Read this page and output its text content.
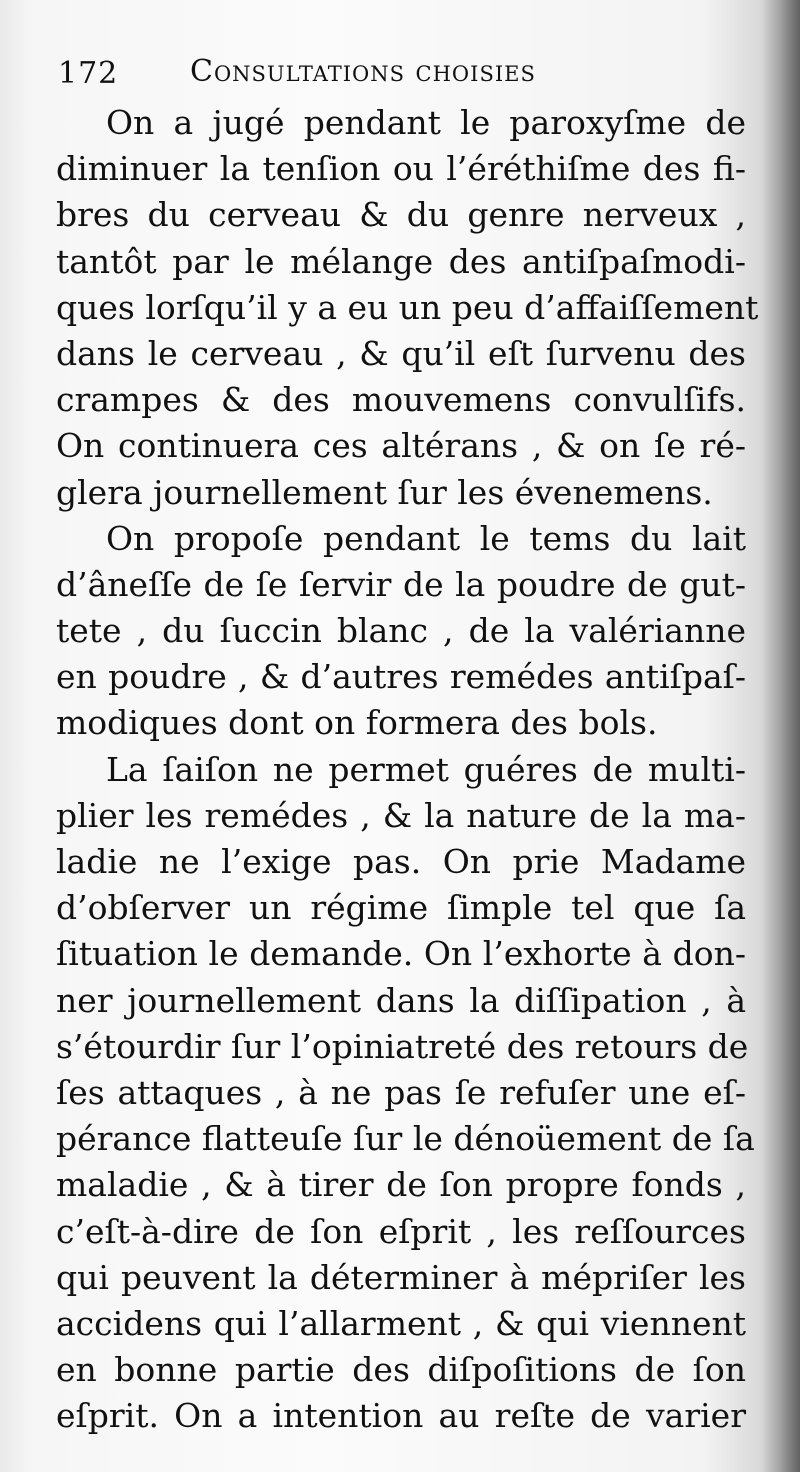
172 Consultations choisies
On a jugé pendant le paroxyſme de
diminuer la tenſion ou l’éréthiſme des fi-
bres du cerveau & du genre nerveux ,
tantôt par le mélange des antiſpaſmodi-
ques lorſqu’il y a eu un peu d’affaiſſement
dans le cerveau , & qu’il eſt ſurvenu des
crampes & des mouvemens convulſifs.
On continuera ces altérans , & on ſe ré-
glera journellement ſur les évenemens.
On propoſe pendant le tems du lait
d’âneſſe de ſe ſervir de la poudre de gut-
tete , du ſuccin blanc , de la valérianne
en poudre , & d’autres remédes antiſpaſ-
modiques dont on formera des bols.
La ſaiſon ne permet guéres de multi-
plier les remédes , & la nature de la ma-
ladie ne l’exige pas. On prie Madame
d’obſerver un régime ſimple tel que ſa
ſituation le demande. On l’exhorte à don-
ner journellement dans la diſſipation , à
s’étourdir ſur l’opiniatreté des retours de
ſes attaques , à ne pas ſe refuſer une eſ-
pérance flatteuſe ſur le dénoüement de ſa
maladie , & à tirer de ſon propre fonds ,
c’eſt-à-dire de ſon eſprit , les reſſources
qui peuvent la déterminer à mépriſer les
accidens qui l’allarment , & qui viennent
en bonne partie des diſpoſitions de ſon
eſprit. On a intention au reſte de varier
